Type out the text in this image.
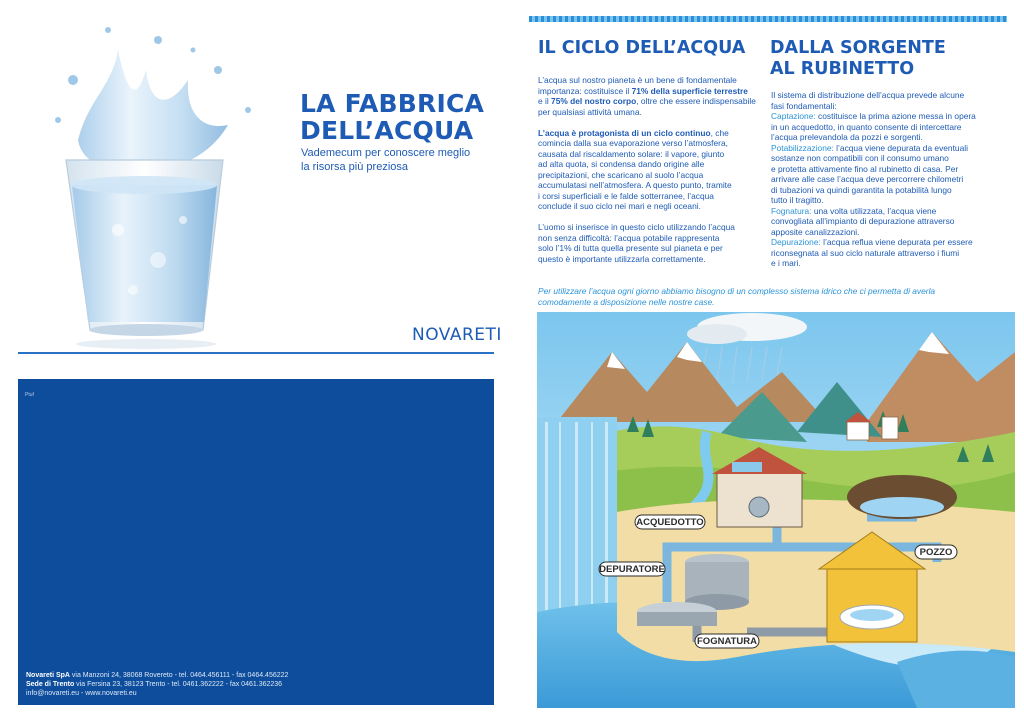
LA FABBRICA
DELL’ACQUA
Vademecum per conoscere meglio
la risorsa più preziosa
NOVARETI
Ptuf
Novareti SpA via Manzoni 24, 38068 Rovereto - tel. 0464.456111 - fax 0464.456222
Sede di Trento via Fersina 23, 38123 Trento - tel. 0461.362222 - fax 0461.362236
info@novareti.eu - www.novareti.eu
IL CICLO DELL’ACQUA DALLA SORGENTE
AL RUBINETTO

L’acqua sul nostro pianeta è un bene di fondamentale
importanza: costituisce il 71% della superficie terrestre
e il 75% del nostro corpo, oltre che essere indispensabile
per qualsiasi attività umana.

L’acqua è protagonista di un ciclo continuo, che
comincia dalla sua evaporazione verso l’atmosfera,
causata dal riscaldamento solare: il vapore, giunto
ad alta quota, si condensa dando origine alle
precipitazioni, che scaricano al suolo l’acqua
accumulatasi nell’atmosfera. A questo punto, tramite
i corsi superficiali e le falde sotterranee, l’acqua
conclude il suo ciclo nei mari e negli oceani.

L’uomo si inserisce in questo ciclo utilizzando l’acqua
non senza difficoltà: l’acqua potabile rappresenta
solo l’1% di tutta quella presente sul pianeta e per
questo è importante utilizzarla correttamente.

Il sistema di distribuzione dell’acqua prevede alcune
fasi fondamentali:

Captazione: costituisce la prima azione messa in opera
in un acquedotto, in quanto consente di intercettare
l’acqua prelevandola da pozzi e sorgenti.

Potabilizzazione: l’acqua viene depurata da eventuali
sostanze non compatibili con il consumo umano
e protetta attivamente fino al rubinetto di casa. Per
arrivare alle case l’acqua deve percorrere chilometri
di tubazioni va quindi garantita la potabilità lungo
tutto il tragitto.

Fognatura: una volta utilizzata, l’acqua viene
convogliata all’impianto di depurazione attraverso
apposite canalizzazioni.

Depurazione: l’acqua reflua viene depurata per essere
riconsegnata al suo ciclo naturale attraverso i fiumi
e i mari.

Per utilizzare l’acqua ogni giorno abbiamo bisogno di un complesso sistema idrico che ci permetta di averla
comodamente a disposizione nelle nostre case.
ACQUEDOTTO
DEPURATORE
FOGNATURA
POZZO
